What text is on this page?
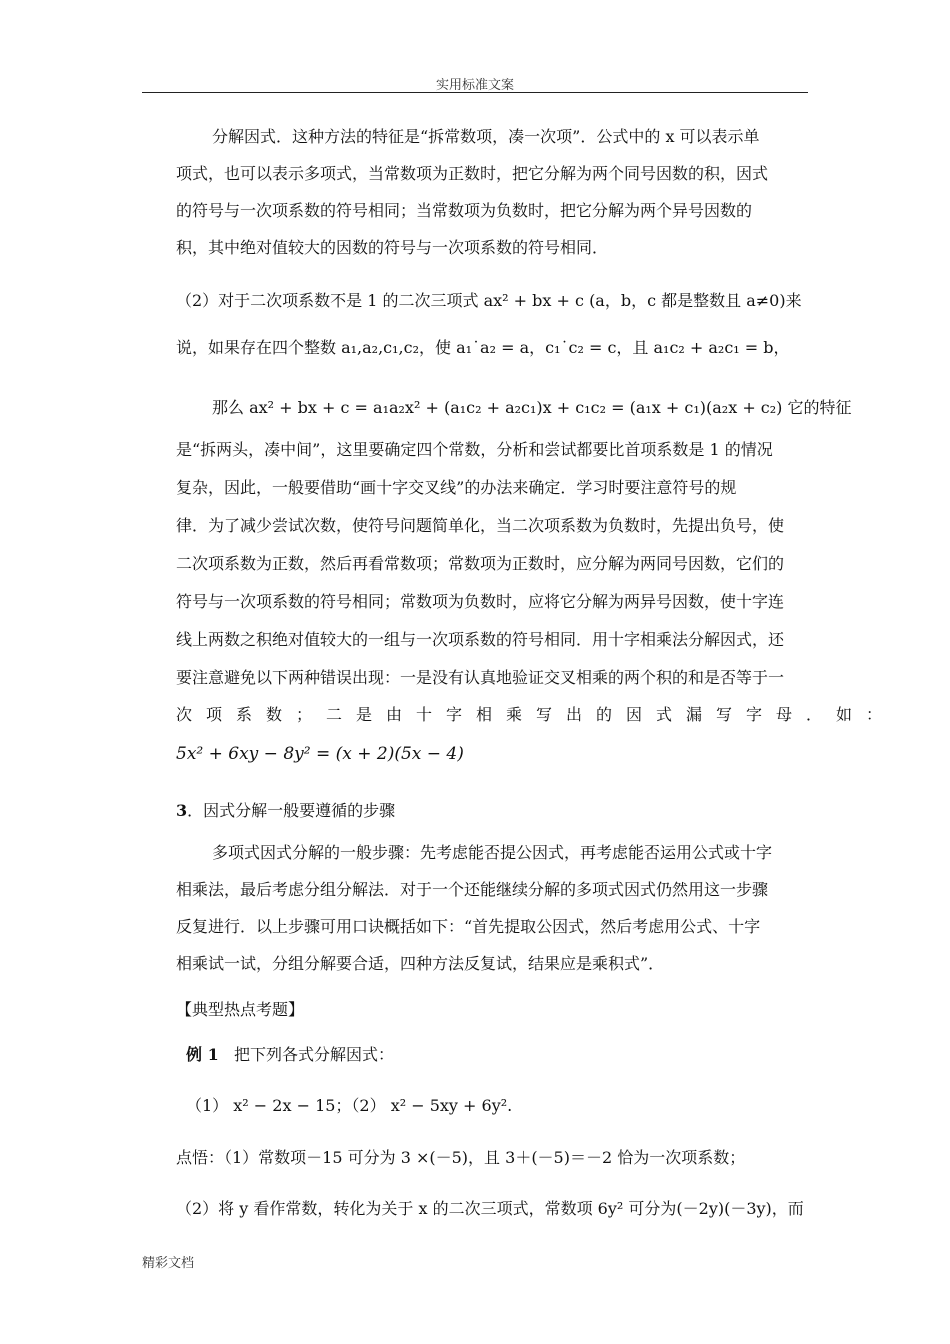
实用标准文案
分解因式．这种方法的特征是“拆常数项，凑一次项”．公式中的 x 可以表示单
项式，也可以表示多项式，当常数项为正数时，把它分解为两个同号因数的积，因式
的符号与一次项系数的符号相同；当常数项为负数时，把它分解为两个异号因数的
积，其中绝对值较大的因数的符号与一次项系数的符号相同．
（2）对于二次项系数不是 1 的二次三项式 ax² + bx + c (a，b，c 都是整数且 a≠0)来
说，如果存在四个整数 a₁,a₂,c₁,c₂，使 a₁˙a₂ = a，c₁˙c₂ = c，且 a₁c₂ + a₂c₁ = b，
那么 ax² + bx + c = a₁a₂x² + (a₁c₂ + a₂c₁)x + c₁c₂ = (a₁x + c₁)(a₂x + c₂) 它的特征
是“拆两头，凑中间”，这里要确定四个常数，分析和尝试都要比首项系数是 1 的情况
复杂，因此，一般要借助“画十字交叉线”的办法来确定．学习时要注意符号的规
律．为了减少尝试次数，使符号问题简单化，当二次项系数为负数时，先提出负号，使
二次项系数为正数，然后再看常数项；常数项为正数时，应分解为两同号因数，它们的
符号与一次项系数的符号相同；常数项为负数时，应将它分解为两异号因数，使十字连
线上两数之积绝对值较大的一组与一次项系数的符号相同．用十字相乘法分解因式，还
要注意避免以下两种错误出现：一是没有认真地验证交叉相乘的两个积的和是否等于一
次项系数；二是由十字相乘写出的因式漏写字母．如：
5x² + 6xy − 8y² = (x + 2)(5x − 4)
3．因式分解一般要遵循的步骤
多项式因式分解的一般步骤：先考虑能否提公因式，再考虑能否运用公式或十字
相乘法，最后考虑分组分解法．对于一个还能继续分解的多项式因式仍然用这一步骤
反复进行．以上步骤可用口诀概括如下：“首先提取公因式，然后考虑用公式、十字
相乘试一试，分组分解要合适，四种方法反复试，结果应是乘积式”．
【典型热点考题】
例 1 把下列各式分解因式：
（1） x² − 2x − 15；（2） x² − 5xy + 6y².
点悟：（1）常数项－15 可分为 3 ×(－5)，且 3＋(－5)＝－2 恰为一次项系数；
（2）将 y 看作常数，转化为关于 x 的二次三项式，常数项 6y² 可分为(－2y)(－3y)，而
精彩文档
